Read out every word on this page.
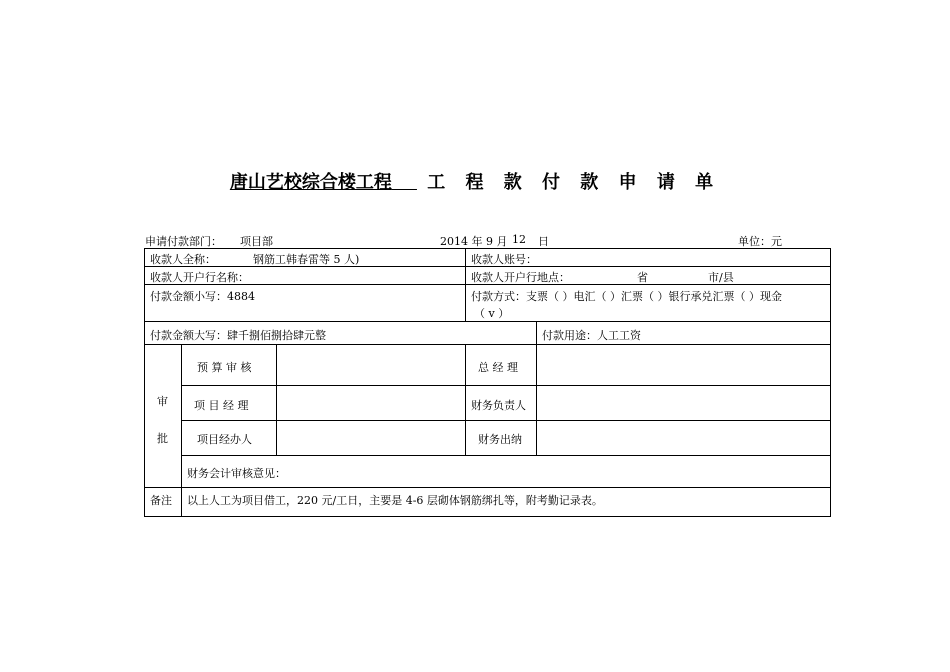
唐山艺校综合楼工程 工 程 款 付 款 申 请 单
申请付款部门： 项目部	2014 年 9 月 12 日	单位：元
收款人全称：	钢筋工韩春雷等 5 人)	收款人账号：
收款人开户行名称：	收款人开户行地点：	省	市/县
付款金额小写：4884	付款方式：支票（ ）电汇（ ）汇票（ ）银行承兑汇票（ ）现金
（ v ）
付款金额大写：肆千捌佰捌拾肆元整	付款用途：人工工资
审
批
预 算 审 核	总 经 理
项 目 经 理	财务负责人
项目经办人	财务出纳
财务会计审核意见：
备注 以上人工为项目借工，220 元/工日，主要是 4-6 层砌体钢筋绑扎等，附考勤记录表。
